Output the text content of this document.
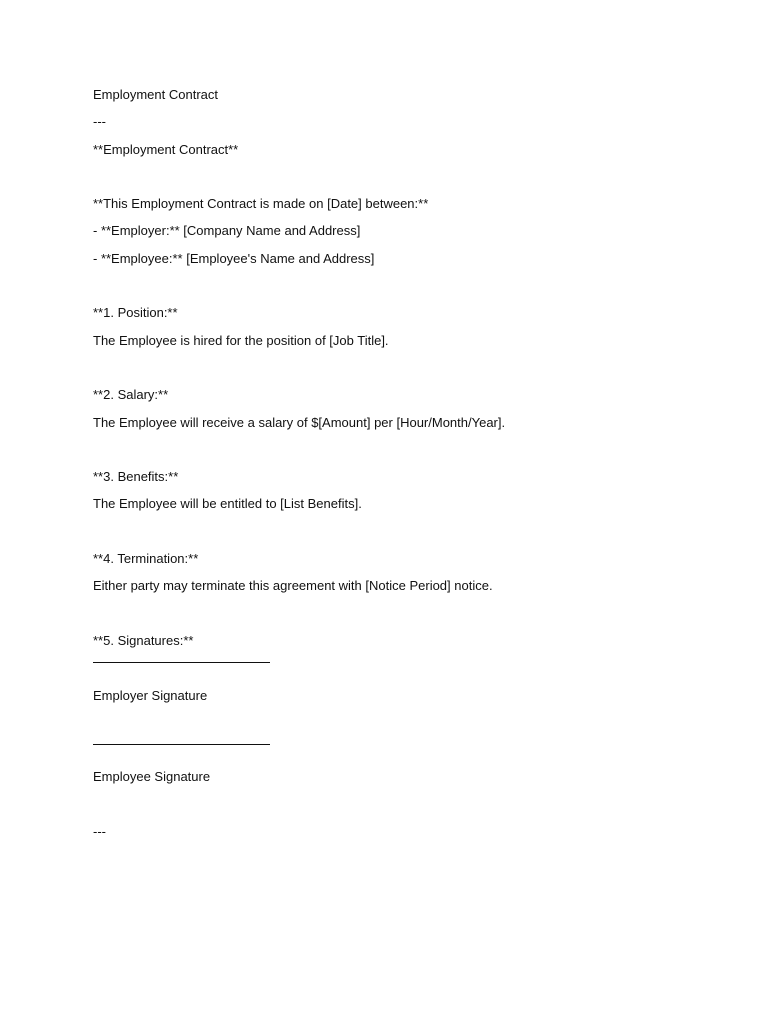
Employment Contract
---
**Employment Contract**
**This Employment Contract is made on [Date] between:**
- **Employer:** [Company Name and Address]
- **Employee:** [Employee's Name and Address]
**1. Position:**
The Employee is hired for the position of [Job Title].
**2. Salary:**
The Employee will receive a salary of $[Amount] per [Hour/Month/Year].
**3. Benefits:**
The Employee will be entitled to [List Benefits].
**4. Termination:**
Either party may terminate this agreement with [Notice Period] notice.
**5. Signatures:**
Employer Signature
Employee Signature
---
